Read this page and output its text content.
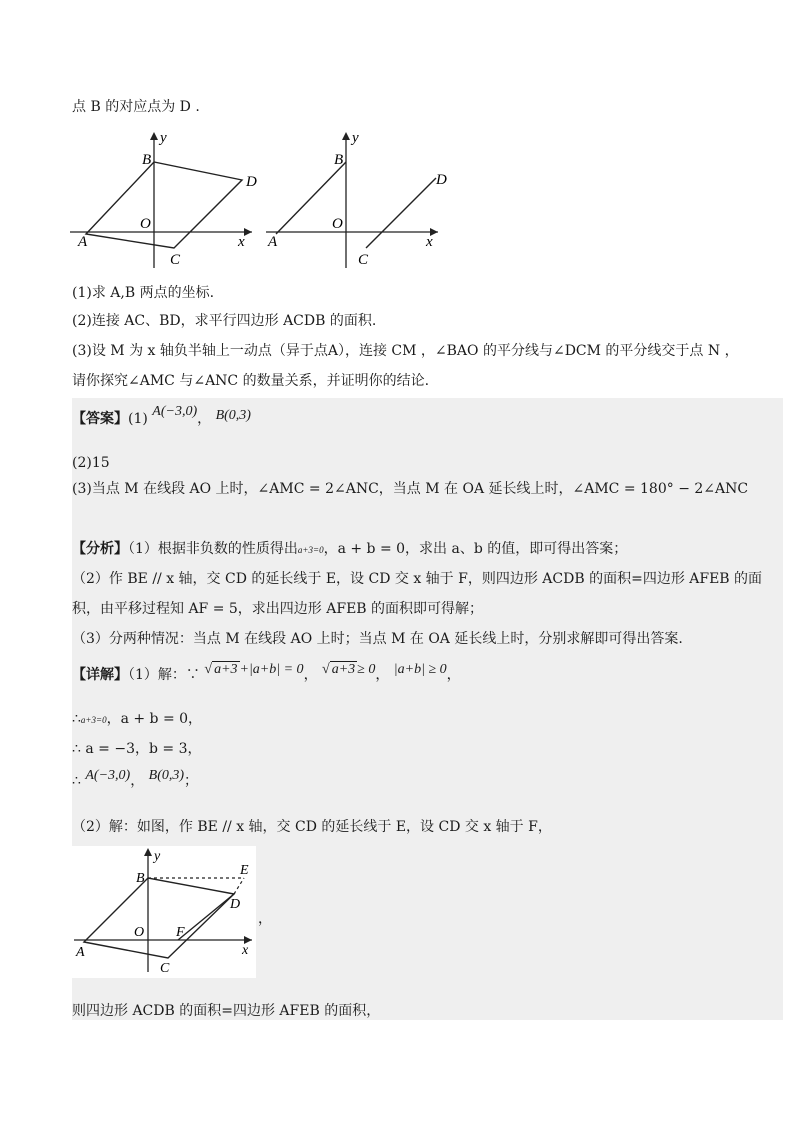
点 B 的对应点为 D .
y
B
D
O
A
C
x
y
B
D
O
A
C
x
(1)求 A,B 两点的坐标.
(2)连接 AC、BD，求平行四边形 ACDB 的面积.
(3)设 M 为 x 轴负半轴上一动点（异于点A），连接 CM ，∠BAO 的平分线与∠DCM 的平分线交于点 N ，
请你探究∠AMC 与∠ANC 的数量关系，并证明你的结论.
【答案】(1) A(−3,0)， B(0,3)
(2)15
(3)当点 M 在线段 AO 上时，∠AMC = 2∠ANC，当点 M 在 OA 延长线上时，∠AMC = 180° − 2∠ANC
【分析】（1）根据非负数的性质得出a+3=0，a + b = 0，求出 a、b 的值，即可得出答案；
（2）作 BE // x 轴，交 CD 的延长线于 E，设 CD 交 x 轴于 F，则四边形 ACDB 的面积=四边形 AFEB 的面
积，由平移过程知 AF = 5，求出四边形 AFEB 的面积即可得解；
（3）分两种情况：当点 M 在线段 AO 上时；当点 M 在 OA 延长线上时，分别求解即可得出答案.
【详解】（1）解：∵ √ a+3 +|a+b| = 0， √ a+3 ≥ 0， |a+b| ≥ 0，
∴a+3=0，a + b = 0，
∴ a = −3，b = 3，
∴ A(−3,0)， B(0,3)；
（2）解：如图，作 BE // x 轴，交 CD 的延长线于 E，设 CD 交 x 轴于 F，
y
B
E
D
O F
A
C
x
，
则四边形 ACDB 的面积=四边形 AFEB 的面积，
